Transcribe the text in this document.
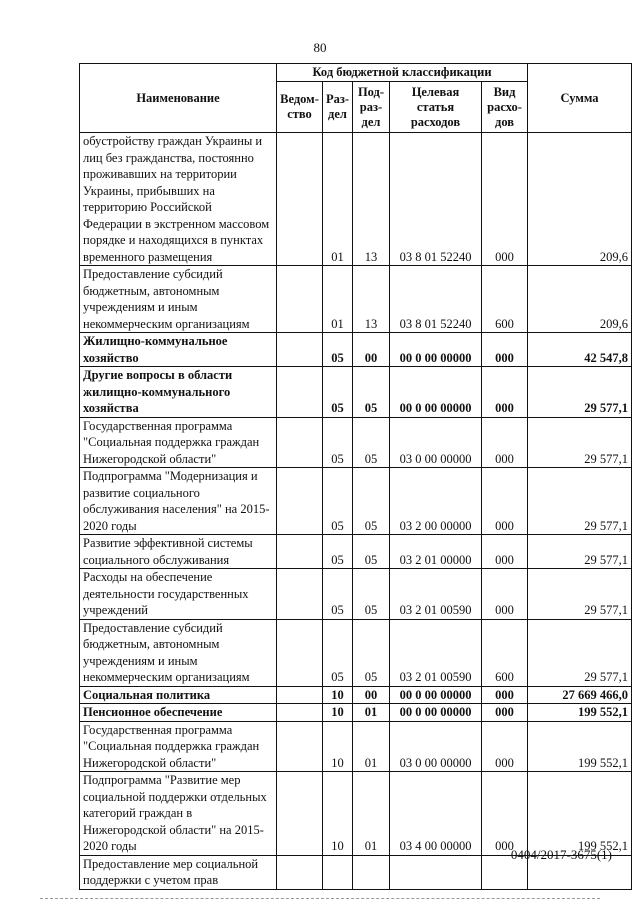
80
Наименование	Код бюджетной классификации					Сумма
	Ведом-ство	Раз-дел	Под-раз-дел	Целевая статья расходов	Вид расхо-дов	
обустройству граждан Украины и лиц без гражданства, постоянно проживавших на территории Украины, прибывших на территорию Российской Федерации в экстренном массовом порядке и находящихся в пунктах временного размещения		01	13	03 8 01 52240	000	209,6
Предоставление субсидий бюджетным, автономным учреждениям и иным некоммерческим организациям		01	13	03 8 01 52240	600	209,6
Жилищно-коммунальное хозяйство		05	00	00 0 00 00000	000	42 547,8
Другие вопросы в области жилищно-коммунального хозяйства		05	05	00 0 00 00000	000	29 577,1
Государственная программа "Социальная поддержка граждан Нижегородской области"		05	05	03 0 00 00000	000	29 577,1
Подпрограмма "Модернизация и развитие социального обслуживания населения" на 2015-2020 годы		05	05	03 2 00 00000	000	29 577,1
Развитие эффективной системы социального обслуживания		05	05	03 2 01 00000	000	29 577,1
Расходы на обеспечение деятельности государственных учреждений		05	05	03 2 01 00590	000	29 577,1
Предоставление субсидий бюджетным, автономным учреждениям и иным некоммерческим организациям		05	05	03 2 01 00590	600	29 577,1
Социальная политика		10	00	00 0 00 00000	000	27 669 466,0
Пенсионное обеспечение		10	01	00 0 00 00000	000	199 552,1
Государственная программа "Социальная поддержка граждан Нижегородской области"		10	01	03 0 00 00000	000	199 552,1
Подпрограмма "Развитие мер социальной поддержки отдельных категорий граждан в Нижегородской области" на 2015-2020 годы		10	01	03 4 00 00000	000	199 552,1
Предоставление мер социальной поддержки с учетом прав						
0404/2017-3675(1)
